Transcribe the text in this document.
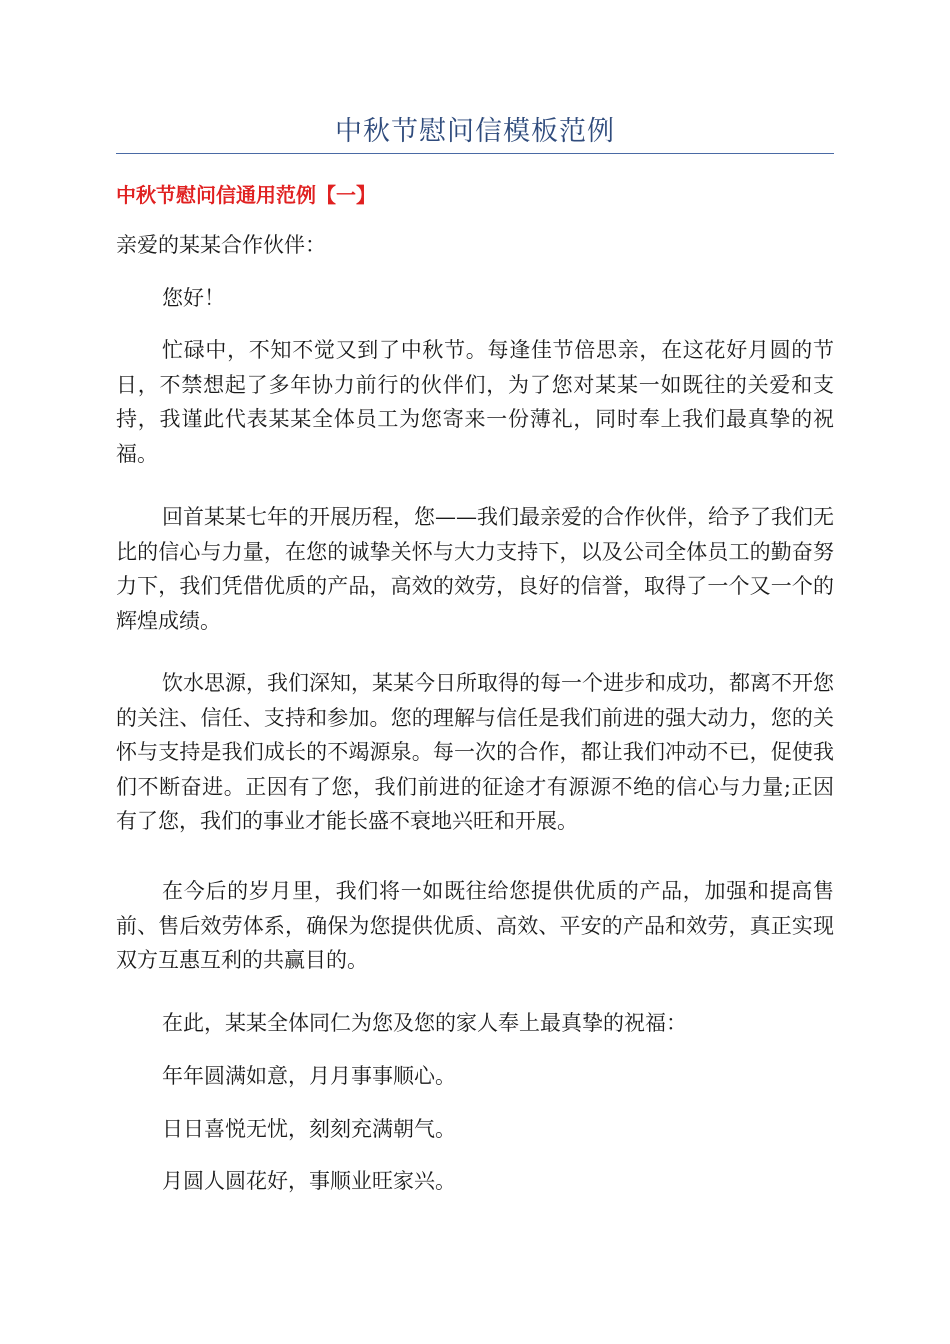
中秋节慰问信模板范例
中秋节慰问信通用范例【一】

亲爱的某某合作伙伴：

您好！

忙碌中，不知不觉又到了中秋节。每逢佳节倍思亲，在这花好月圆的节日，不禁想起了多年协力前行的伙伴们，为了您对某某一如既往的关爱和支持，我谨此代表某某全体员工为您寄来一份薄礼，同时奉上我们最真挚的祝福。

回首某某七年的开展历程，您——我们最亲爱的合作伙伴，给予了我们无比的信心与力量，在您的诚挚关怀与大力支持下，以及公司全体员工的勤奋努力下，我们凭借优质的产品，高效的效劳，良好的信誉，取得了一个又一个的辉煌成绩。

饮水思源，我们深知，某某今日所取得的每一个进步和成功，都离不开您的关注、信任、支持和参加。您的理解与信任是我们前进的强大动力，您的关怀与支持是我们成长的不竭源泉。每一次的合作，都让我们冲动不已，促使我们不断奋进。正因有了您，我们前进的征途才有源源不绝的信心与力量;正因有了您，我们的事业才能长盛不衰地兴旺和开展。

在今后的岁月里，我们将一如既往给您提供优质的产品，加强和提高售前、售后效劳体系，确保为您提供优质、高效、平安的产品和效劳，真正实现双方互惠互利的共赢目的。

在此，某某全体同仁为您及您的家人奉上最真挚的祝福：

年年圆满如意，月月事事顺心。

日日喜悦无忧，刻刻充满朝气。

月圆人圆花好，事顺业旺家兴。
